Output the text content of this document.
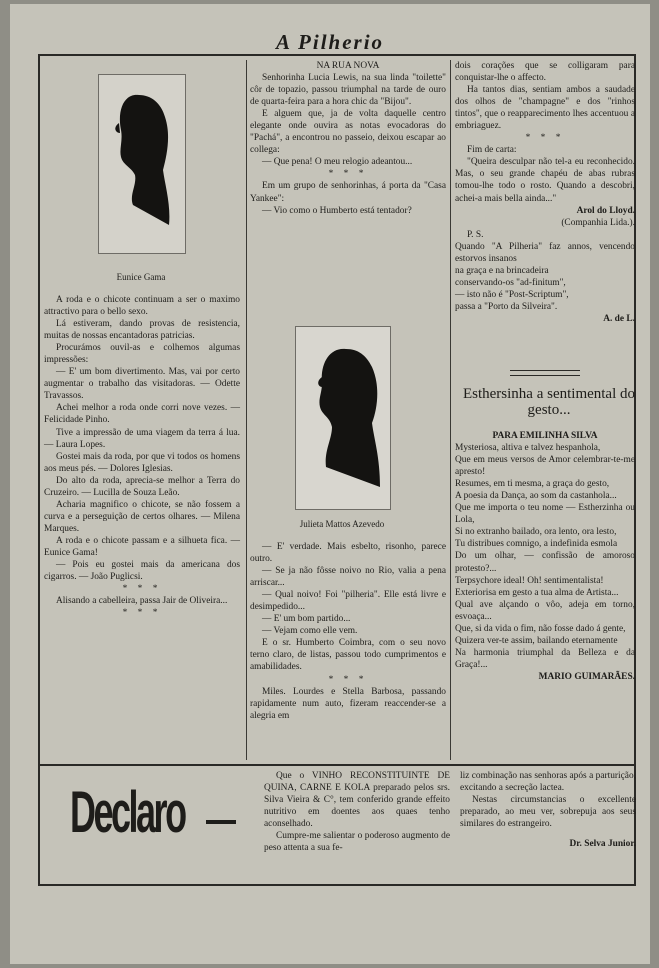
A Pilherio
Eunice Gama

A roda e o chicote continuam a ser o maximo attractivo para o bello sexo.

Lá estiveram, dando provas de resistencia, muitas de nossas encantadoras patricias.

Procurámos ouvil-as e colhemos algumas impressões:

— E' um bom divertimento. Mas, vai por certo augmentar o trabalho das visitadoras. — Odette Travassos.

Achei melhor a roda onde corri nove vezes. — Felicidade Pinho.

Tive a impressão de uma viagem da terra á lua. — Laura Lopes.

Gostei mais da roda, por que vi todos os homens aos meus pés. — Dolores Iglesias.

Do alto da roda, aprecia-se melhor a Terra do Cruzeiro. — Lucilla de Souza Leão.

Acharia magnifico o chicote, se não fossem a curva e a perseguição de certos olhares. — Milena Marques.

A roda e o chicote passam e a silhueta fica. — Eunice Gama!

— Pois eu gostei mais da americana dos cigarros. — João Puglicsi.

* * *

Alisando a cabelleira, passa Jair de Oliveira...

* * *

NA RUA NOVA

Senhorinha Lucia Lewis, na sua linda "toilette" côr de topazio, passou triumphal na tarde de ouro de quarta-feira para a hora chic da "Bijou".

E alguem que, ja de volta daquelle centro elegante onde ouvira as notas evocadoras do "Pachá", a encontrou no passeio, deixou escapar ao collega:

— Que pena! O meu relogio adeantou...

* * *

Em um grupo de senhorinhas, á porta da "Casa Yankee":

— Vio como o Humberto está tentador?

Julieta Mattos Azevedo

— E' verdade. Mais esbelto, risonho, parece outro.

— Se ja não fôsse noivo no Rio, valia a pena arriscar...

— Qual noivo! Foi "pilheria". Elle está livre e desimpedido...

— E' um bom partido...

— Vejam como elle vem.

E o sr. Humberto Coimbra, com o seu novo terno claro, de listas, passou todo cumprimentos e amabilidades.

* * *

Miles. Lourdes e Stella Barbosa, passando rapidamente num auto, fizeram reaccender-se a alegria em

dois corações que se colligaram para conquistar-lhe o affecto.

Ha tantos dias, sentiam ambos a saudade dos olhos de "champagne" e dos "rinhos tintos", que o reapparecimento lhes accentuou a embriaguez.

* * *

Fim de carta:

"Queira desculpar não tel-a eu reconhecido. Mas, o seu grande chapéu de abas rubras tomou-lhe todo o rosto. Quando a descobri, achei-a mais bella ainda..."

Arol do Lloyd.

(Companhia Lida.).

P. S.

Quando "A Pilheria" faz annos, vencendo estorvos insanos

na graça e na brincadeira

conservando-os "ad-finitum",

— isto não é "Post-Scriptum",

passa a "Porto da Silveira".

A. de L.

Esthersinha a sentimental do gesto...

PARA EMILINHA SILVA

Mysteriosa, altiva e talvez hespanhola,

Que em meus versos de Amor celembrar-te-me apresto!

Resumes, em ti mesma, a graça do gesto,

A poesia da Dança, ao som da castanhola...

Que me importa o teu nome — Estherzinha ou Lola,

Si no extranho bailado, ora lento, ora lesto,

Tu distribues comnigo, a indefinida esmola

Do um olhar, — confissão de amoroso protesto?...

Terpsychore ideal! Oh! sentimentalista!

Exteriorisa em gesto a tua alma de Artista...

Qual ave alçando o vôo, adeja em torno, esvoaça...

Que, si da vida o fim, não fosse dado á gente,

Quizera ver-te assim, bailando eternamente

Na harmonia triumphal da Belleza e da Graça!...

MARIO GUIMARÃES.

Declaro

Que o VINHO RECONSTITUINTE DE QUINA, CARNE E KOLA preparado pelos srs. Silva Vieira & C°, tem conferido grande effeito nutritivo em doentes aos quaes tenho aconselhado.

Cumpre-me salientar o poderoso augmento de peso attenta a sua fe-

liz combinação nas senhoras após a parturição, excitando a secreção lactea.

Nestas circumstancias o excellente preparado, ao meu ver, sobrepuja aos seus similares do estrangeiro.

Dr. Selva Junior.
